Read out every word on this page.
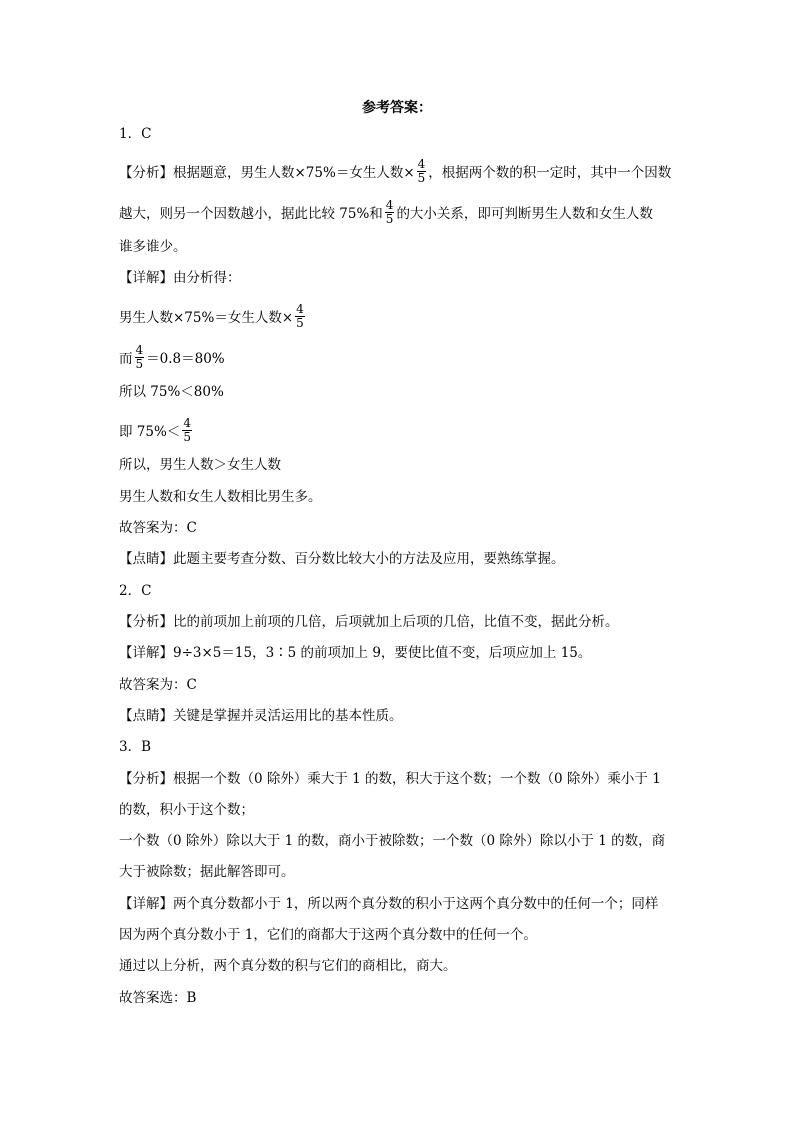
参考答案：
1．C
【分析】根据题意，男生人数×75%＝女生人数× $\frac{4}{5}$ ，根据两个数的积一定时，其中一个因数
越大，则另一个因数越小，据此比较 75%和 $\frac{4}{5}$ 的大小关系，即可判断男生人数和女生人数
谁多谁少。
【详解】由分析得：
男生人数×75%＝女生人数× $\frac{4}{5}$
而 $\frac{4}{5} =0.8=80\%$
所以 75%＜80%
即 $75\%< \frac{4}{5}$
所以，男生人数＞女生人数
男生人数和女生人数相比男生多。
故答案为：C
【点睛】此题主要考查分数、百分数比较大小的方法及应用，要熟练掌握。
2．C
【分析】比的前项加上前项的几倍，后项就加上后项的几倍，比值不变，据此分析。
【详解】9÷3×5＝15，3∶5 的前项加上 9，要使比值不变，后项应加上 15。
故答案为：C
【点睛】关键是掌握并灵活运用比的基本性质。
3．B
【分析】根据一个数（0 除外）乘大于 1 的数，积大于这个数；一个数（0 除外）乘小于 1
的数，积小于这个数；
一个数（0 除外）除以大于 1 的数，商小于被除数；一个数（0 除外）除以小于 1 的数，商
大于被除数；据此解答即可。
【详解】两个真分数都小于 1，所以两个真分数的积小于这两个真分数中的任何一个；同样
因为两个真分数小于 1，它们的商都大于这两个真分数中的任何一个。
通过以上分析，两个真分数的积与它们的商相比，商大。
故答案选：B
